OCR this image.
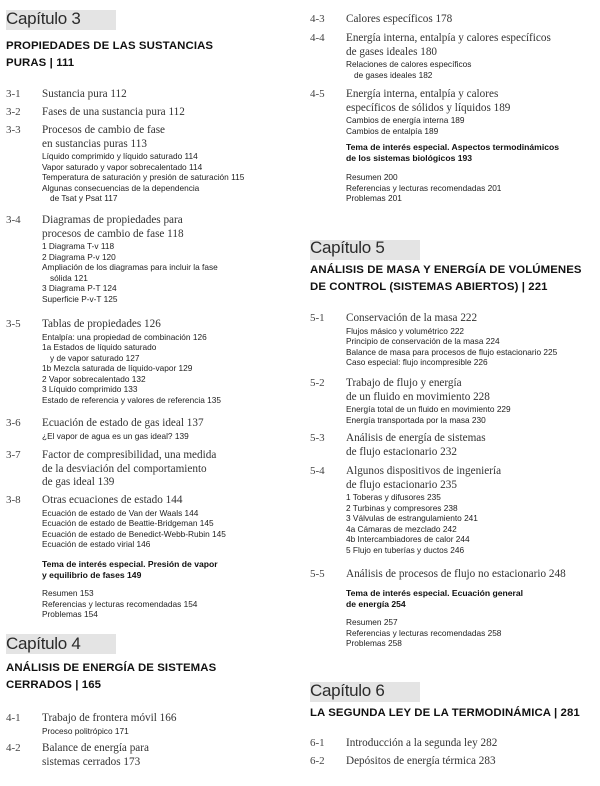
Capítulo 3
PROPIEDADES DE LAS SUSTANCIAS
PURAS | 111
3-1 Sustancia pura 112
3-2 Fases de una sustancia pura 112
3-3 Procesos de cambio de fase
en sustancias puras 113
Líquido comprimido y líquido saturado 114
Vapor saturado y vapor sobrecalentado 114
Temperatura de saturación y presión de saturación 115
Algunas consecuencias de la dependencia
de Tsat y Psat 117
3-4 Diagramas de propiedades para
procesos de cambio de fase 118
1 Diagrama T-v 118
2 Diagrama P-v 120
Ampliación de los diagramas para incluir la fase
sólida 121
3 Diagrama P-T 124
Superficie P-v-T 125
3-5 Tablas de propiedades 126
Entalpía: una propiedad de combinación 126
1a Estados de líquido saturado
y de vapor saturado 127
1b Mezcla saturada de líquido-vapor 129
2 Vapor sobrecalentado 132
3 Líquido comprimido 133
Estado de referencia y valores de referencia 135
3-6 Ecuación de estado de gas ideal 137
¿El vapor de agua es un gas ideal? 139
3-7 Factor de compresibilidad, una medida
de la desviación del comportamiento
de gas ideal 139
3-8 Otras ecuaciones de estado 144
Ecuación de estado de Van der Waals 144
Ecuación de estado de Beattie-Bridgeman 145
Ecuación de estado de Benedict-Webb-Rubin 145
Ecuación de estado virial 146
Tema de interés especial. Presión de vapor
y equilibrio de fases 149
Resumen 153
Referencias y lecturas recomendadas 154
Problemas 154
Capítulo 4
ANÁLISIS DE ENERGÍA DE SISTEMAS
CERRADOS | 165
4-1 Trabajo de frontera móvil 166
Proceso politrópico 171
4-2 Balance de energía para
sistemas cerrados 173
4-3 Calores específicos 178
4-4 Energía interna, entalpía y calores específicos
de gases ideales 180
Relaciones de calores específicos
de gases ideales 182
4-5 Energía interna, entalpía y calores
específicos de sólidos y líquidos 189
Cambios de energía interna 189
Cambios de entalpía 189
Tema de interés especial. Aspectos termodinámicos
de los sistemas biológicos 193
Resumen 200
Referencias y lecturas recomendadas 201
Problemas 201
Capítulo 5
ANÁLISIS DE MASA Y ENERGÍA DE VOLÚMENES
DE CONTROL (SISTEMAS ABIERTOS) | 221
5-1 Conservación de la masa 222
Flujos másico y volumétrico 222
Principio de conservación de la masa 224
Balance de masa para procesos de flujo estacionario 225
Caso especial: flujo incompresible 226
5-2 Trabajo de flujo y energía
de un fluido en movimiento 228
Energía total de un fluido en movimiento 229
Energía transportada por la masa 230
5-3 Análisis de energía de sistemas
de flujo estacionario 232
5-4 Algunos dispositivos de ingeniería
de flujo estacionario 235
1 Toberas y difusores 235
2 Turbinas y compresores 238
3 Válvulas de estrangulamiento 241
4a Cámaras de mezclado 242
4b Intercambiadores de calor 244
5 Flujo en tuberías y ductos 246
5-5 Análisis de procesos de flujo no estacionario 248
Tema de interés especial. Ecuación general
de energía 254
Resumen 257
Referencias y lecturas recomendadas 258
Problemas 258
Capítulo 6
LA SEGUNDA LEY DE LA TERMODINÁMICA | 281
6-1 Introducción a la segunda ley 282
6-2 Depósitos de energía térmica 283
